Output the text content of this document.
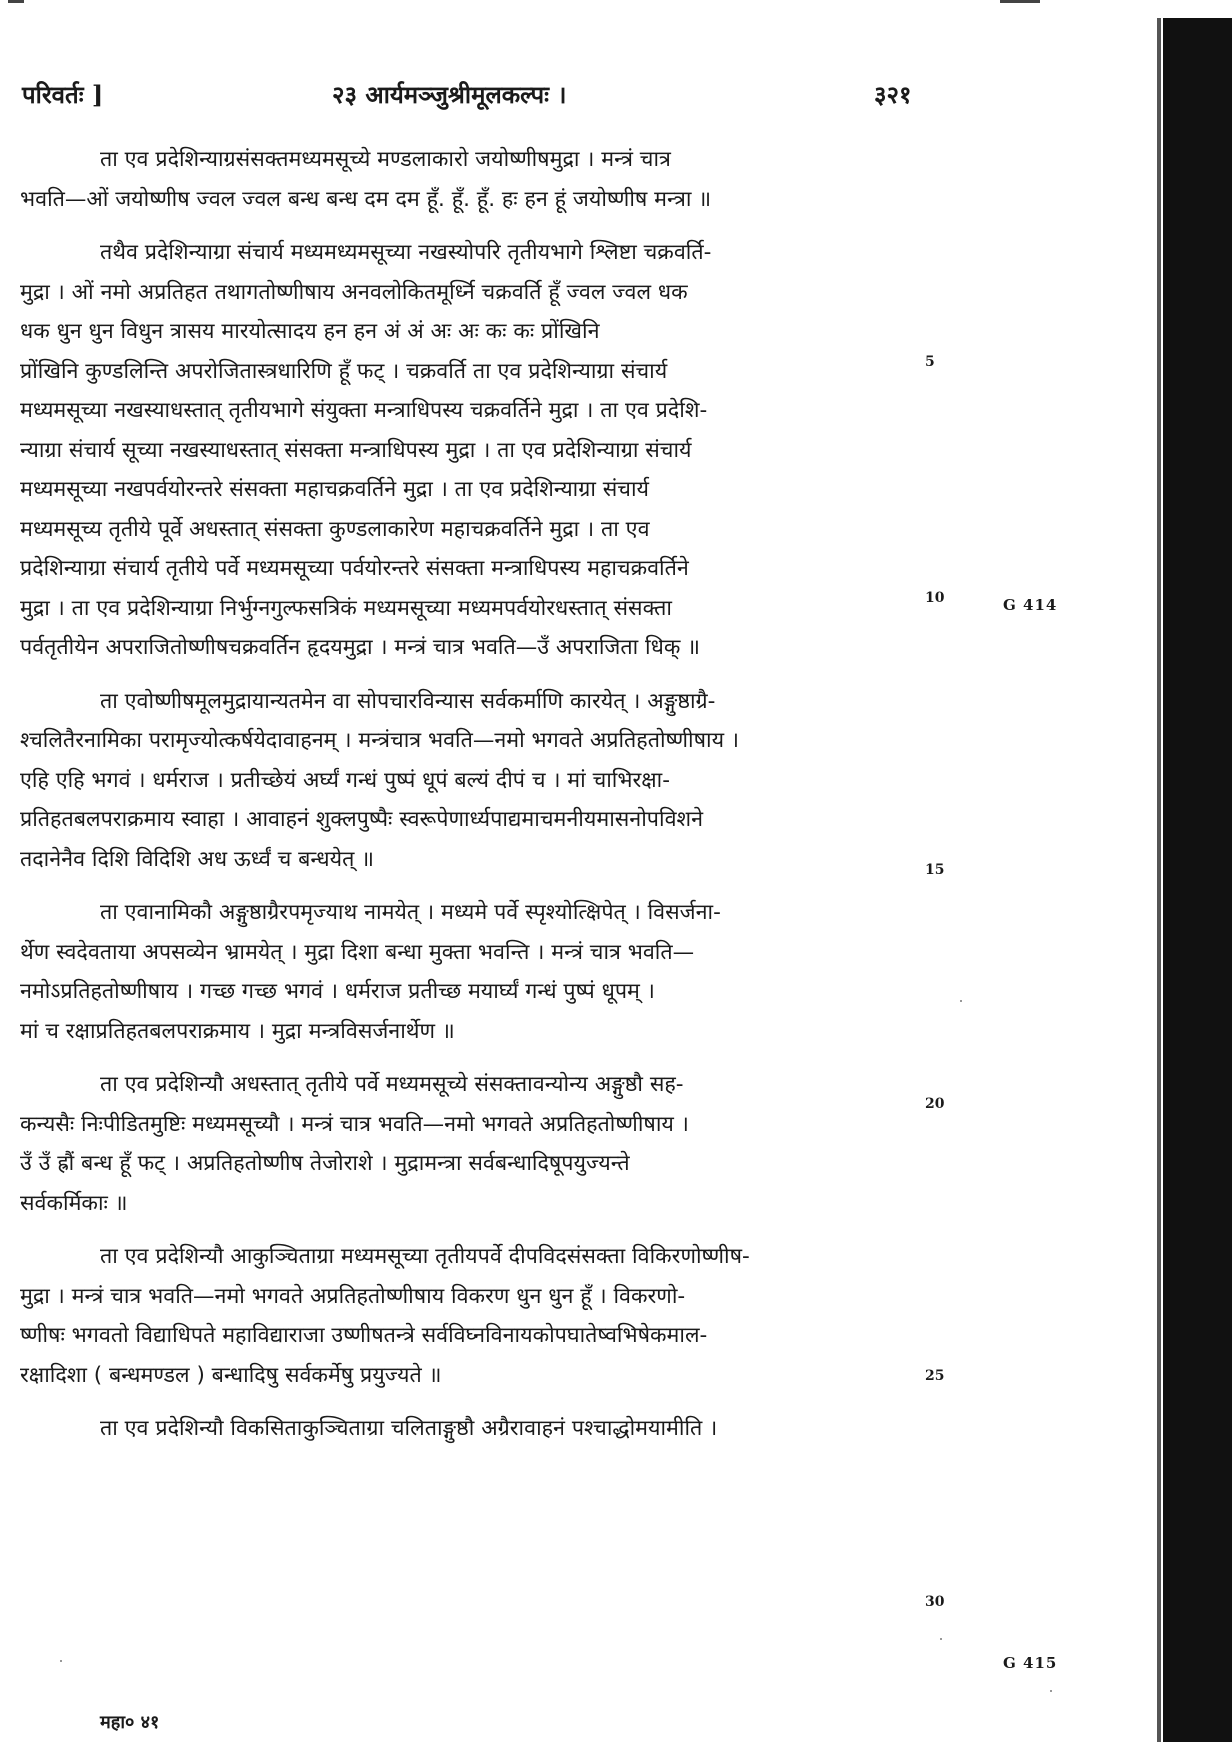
परिवर्तः ]	२३ आर्यमञ्जुश्रीमूलकल्पः ।	३२१
ता एव प्रदेशिन्याग्रसंसक्तमध्यमसूच्ये मण्डलाकारो जयोष्णीषमुद्रा । मन्त्रं चात्र
भवति—ओं जयोष्णीष ज्वल ज्वल बन्ध बन्ध दम दम हूँ. हूँ. हूँ. हः हन हूं जयोष्णीष मन्त्रा ॥
तथैव प्रदेशिन्याग्रा संचार्य मध्यमध्यमसूच्या नखस्योपरि तृतीयभागे श्लिष्टा चक्रवर्ति-
मुद्रा । ओं नमो अप्रतिहत तथागतोष्णीषाय अनवलोकितमूर्ध्नि चक्रवर्ति हूँ ज्वल ज्वल धक
धक धुन धुन विधुन त्रासय मारयोत्सादय हन हन अं अं अः अः कः कः प्रोंखिनि
प्रोंखिनि कुण्डलिन्ति अपरोजितास्त्रधारिणि हूँ फट् । चक्रवर्ति ता एव प्रदेशिन्याग्रा संचार्य
मध्यमसूच्या नखस्याधस्तात् तृतीयभागे संयुक्ता मन्त्राधिपस्य चक्रवर्तिने मुद्रा । ता एव प्रदेशि-
न्याग्रा संचार्य सूच्या नखस्याधस्तात् संसक्ता मन्त्राधिपस्य मुद्रा । ता एव प्रदेशिन्याग्रा संचार्य
मध्यमसूच्या नखपर्वयोरन्तरे संसक्ता महाचक्रवर्तिने मुद्रा । ता एव प्रदेशिन्याग्रा संचार्य
मध्यमसूच्य तृतीये पूर्वे अधस्तात् संसक्ता कुण्डलाकारेण महाचक्रवर्तिने मुद्रा । ता एव
प्रदेशिन्याग्रा संचार्य तृतीये पर्वे मध्यमसूच्या पर्वयोरन्तरे संसक्ता मन्त्राधिपस्य महाचक्रवर्तिने
मुद्रा । ता एव प्रदेशिन्याग्रा निर्भुग्नगुल्फसत्रिकं मध्यमसूच्या मध्यमपर्वयोरधस्तात् संसक्ता
पर्वतृतीयेन अपराजितोष्णीषचक्रवर्तिन हृदयमुद्रा । मन्त्रं चात्र भवति—उँ अपराजिता धिक् ॥
ता एवोष्णीषमूलमुद्रायान्यतमेन वा सोपचारविन्यास सर्वकर्माणि कारयेत् । अङ्गुष्ठाग्रै-
श्चलितैरनामिका परामृज्योत्कर्षयेदावाहनम् । मन्त्रंचात्र भवति—नमो भगवते अप्रतिहतोष्णीषाय ।
एहि एहि भगवं । धर्मराज । प्रतीच्छेयं अर्घ्यं गन्धं पुष्पं धूपं बल्यं दीपं च । मां चाभिरक्षा-
प्रतिहतबलपराक्रमाय स्वाहा । आवाहनं शुक्लपुष्पैः स्वरूपेणार्ध्यपाद्यमाचमनीयमासनोपविशने
तदानेनैव दिशि विदिशि अध ऊर्ध्वं च बन्धयेत् ॥
ता एवानामिकौ अङ्गुष्ठाग्रैरपमृज्याथ नामयेत् । मध्यमे पर्वे स्पृश्योत्क्षिपेत् । विसर्जना-
र्थेण स्वदेवताया अपसव्येन भ्रामयेत् । मुद्रा दिशा बन्धा मुक्ता भवन्ति । मन्त्रं चात्र भवति—
नमोऽप्रतिहतोष्णीषाय । गच्छ गच्छ भगवं । धर्मराज प्रतीच्छ मयार्घ्यं गन्धं पुष्पं धूपम् ।
मां च रक्षाप्रतिहतबलपराक्रमाय । मुद्रा मन्त्रविसर्जनार्थेण ॥
ता एव प्रदेशिन्यौ अधस्तात् तृतीये पर्वे मध्यमसूच्ये संसक्तावन्योन्य अङ्गुष्ठौ सह-
कन्यसैः निःपीडितमुष्टिः मध्यमसूच्यौ । मन्त्रं चात्र भवति—नमो भगवते अप्रतिहतोष्णीषाय ।
उँ उँ ह्रौं बन्ध हूँ फट् । अप्रतिहतोष्णीष तेजोराशे । मुद्रामन्त्रा सर्वबन्धादिषूपयुज्यन्ते
सर्वकर्मिकाः ॥
ता एव प्रदेशिन्यौ आकुञ्चिताग्रा मध्यमसूच्या तृतीयपर्वे दीपविदसंसक्ता विकिरणोष्णीष-
मुद्रा । मन्त्रं चात्र भवति—नमो भगवते अप्रतिहतोष्णीषाय विकरण धुन धुन हूँ । विकरणो-
ष्णीषः भगवतो विद्याधिपते महाविद्याराजा उष्णीषतन्त्रे सर्वविघ्नविनायकोपघातेष्वभिषेकमाल-
रक्षादिशा ( बन्धमण्डल ) बन्धादिषु सर्वकर्मेषु प्रयुज्यते ॥
ता एव प्रदेशिन्यौ विकसिताकुञ्चिताग्रा चलिताङ्गुष्ठौ अग्रैरावाहनं पश्चाद्धोमयामीति ।
5
10
15
20
25
30
G 414
G 415
महा० ४१
